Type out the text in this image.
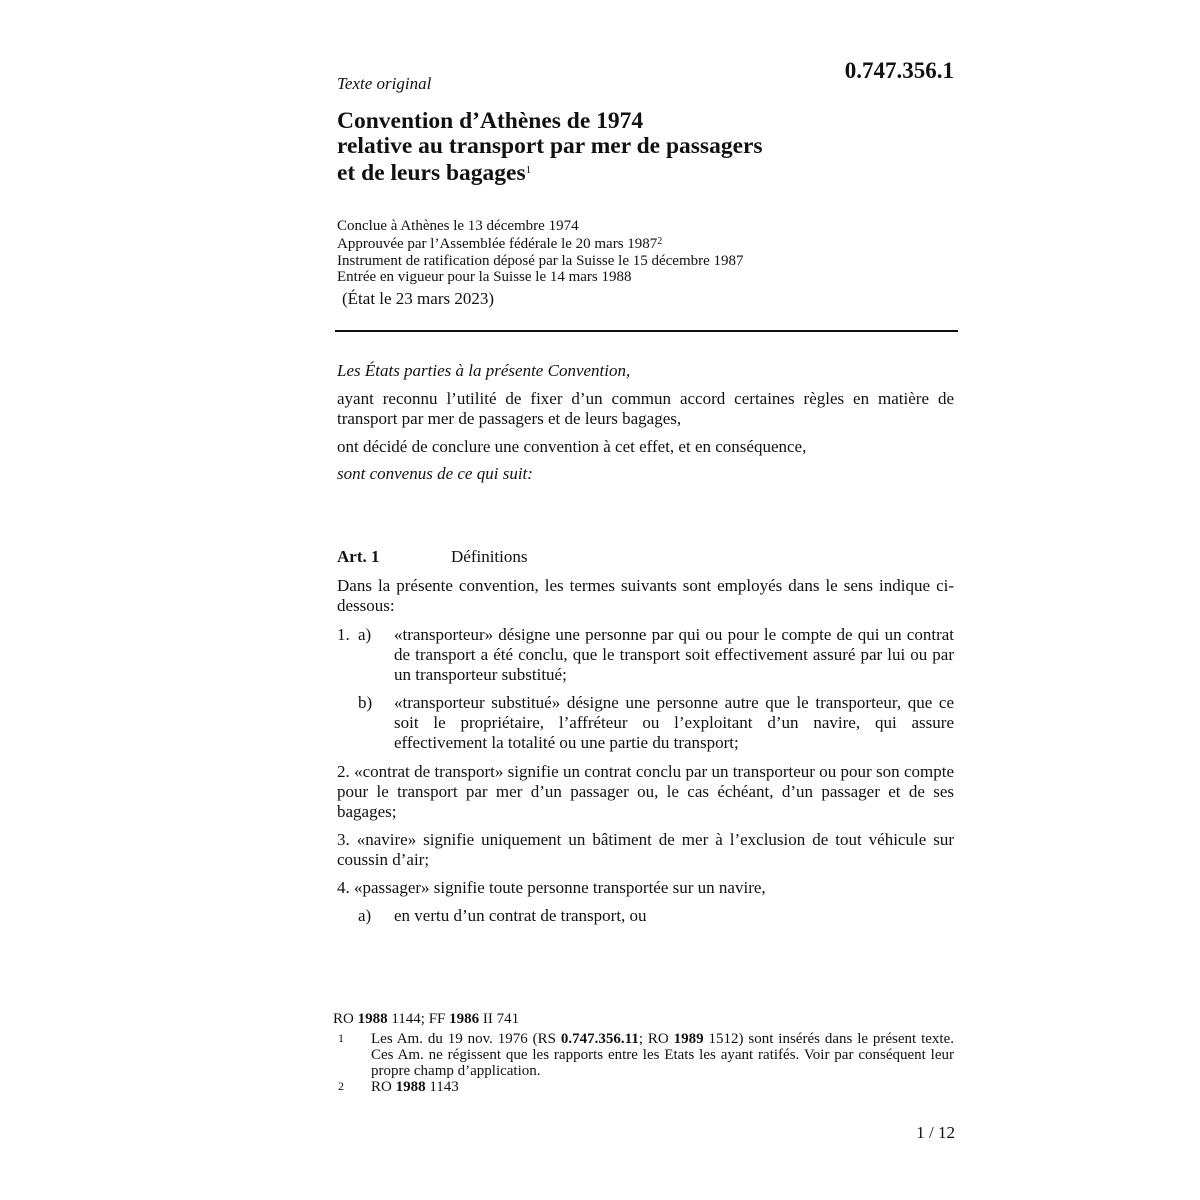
0.747.356.1
Texte original
Convention d’Athènes de 1974
relative au transport par mer de passagers
et de leurs bagages$^1$
Conclue à Athènes le 13 décembre 1974
Approuvée par l’Assemblée fédérale le 20 mars 1987$^2$
Instrument de ratification déposé par la Suisse le 15 décembre 1987
Entrée en vigueur pour la Suisse le 14 mars 1988
(État le 23 mars 2023)
Les États parties à la présente Convention,
ayant reconnu l’utilité de fixer d’un commun accord certaines règles en matière de transport par mer de passagers et de leurs bagages,
ont décidé de conclure une convention à cet effet, et en conséquence,
sont convenus de ce qui suit:
Art. 1	Définitions
Dans la présente convention, les termes suivants sont employés dans le sens indique ci-dessous:
1. a) «transporteur» désigne une personne par qui ou pour le compte de qui un contrat de transport a été conclu, que le transport soit effectivement assuré par lui ou par un transporteur substitué;
b) «transporteur substitué» désigne une personne autre que le transporteur, que ce soit le propriétaire, l’affréteur ou l’exploitant d’un navire, qui assure effectivement la totalité ou une partie du transport;
2. «contrat de transport» signifie un contrat conclu par un transporteur ou pour son compte pour le transport par mer d’un passager ou, le cas échéant, d’un passager et de ses bagages;
3. «navire» signifie uniquement un bâtiment de mer à l’exclusion de tout véhicule sur coussin d’air;
4. «passager» signifie toute personne transportée sur un navire,
a) en vertu d’un contrat de transport, ou
RO 1988 1144; FF 1986 II 741
1 Les Am. du 19 nov. 1976 (RS 0.747.356.11; RO 1989 1512) sont insérés dans le présent texte. Ces Am. ne régissent que les rapports entre les Etats les ayant ratifés. Voir par conséquent leur propre champ d’application.
2 RO 1988 1143
1 / 12
